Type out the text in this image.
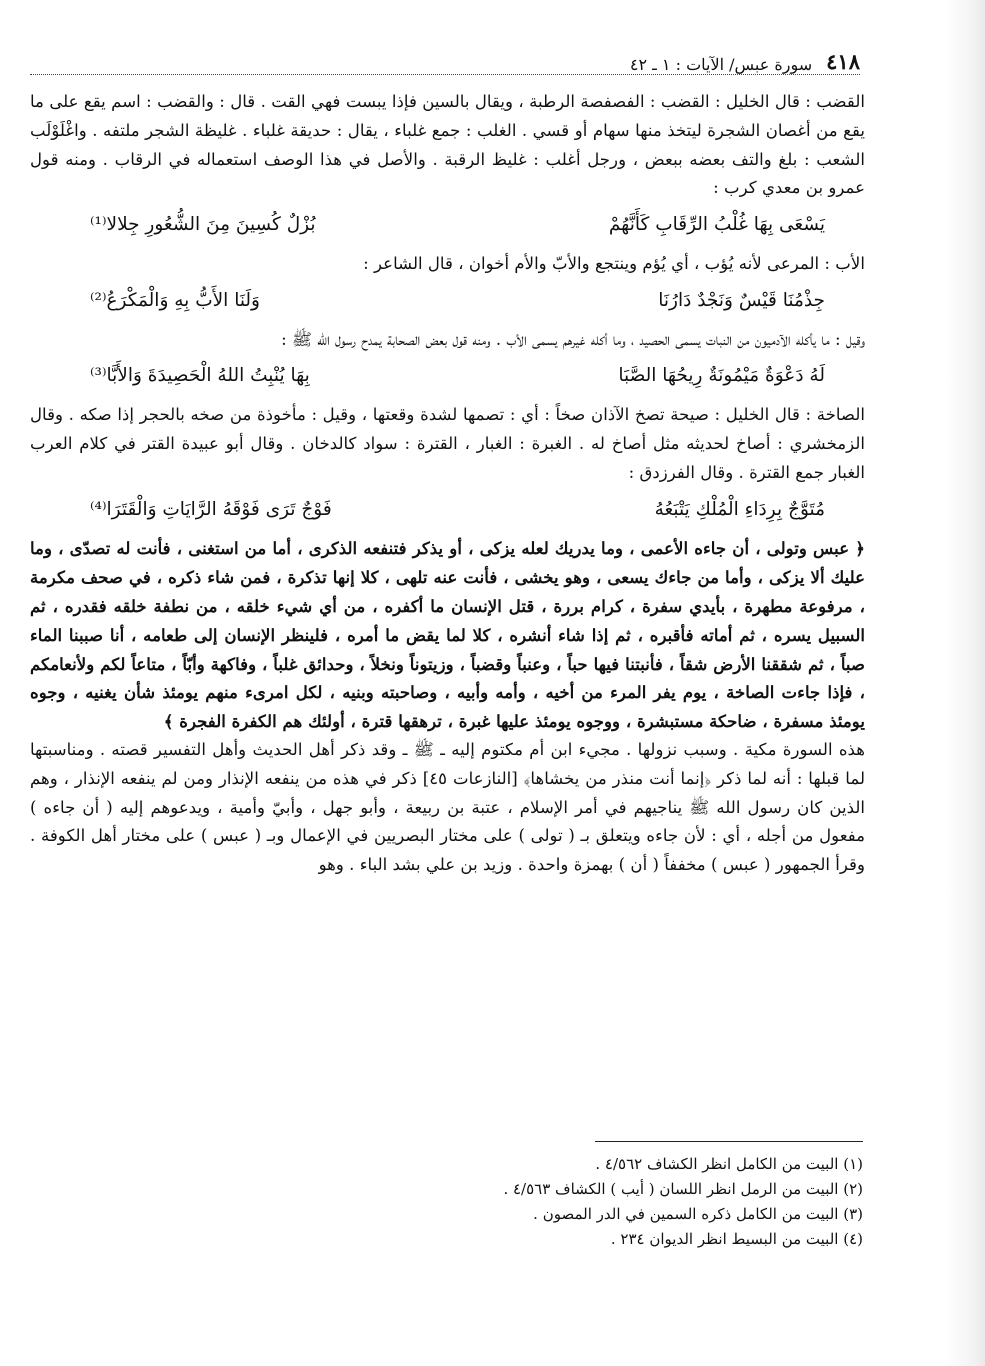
٤١٨
سورة عبس/ الآيات : ١ ـ ٤٢

القضب : قال الخليل : القضب : الفصفصة الرطبة ، ويقال بالسين فإذا يبست فهي القت . قال : والقضب : اسم يقع على ما يقع من أغصان الشجرة ليتخذ منها سهام أو قسي . الغلب : جمع غلباء ، يقال : حديقة غلباء . غليظة الشجر ملتفه . واغْلَوْلَب الشعب : بلغ والتف بعضه ببعض ، ورجل أغلب : غليظ الرقبة . والأصل في هذا الوصف استعماله في الرقاب . ومنه قول عمرو بن معدي كرب :

يَسْعَى بِهَا غُلْبُ الرِّقَابِ كَأَنَّهُمْ
بُزْلٌ كُسِينَ مِنَ الشُّعُورِ جِلالا⁽¹⁾

الأب : المرعى لأنه يُؤب ، أي يُؤم وينتجع والأبّ والأم أخوان ، قال الشاعر :

جِذْمُنَا قَيْسٌ وَنَجْدٌ دَارُنَا
وَلَنَا الأَبُّ بِهِ وَالْمَكْرَعُ⁽²⁾

وقيل : ما يأكله الآدميون من النبات يسمى الحصيد ، وما أكله غيرهم يسمى الأب . ومنه قول بعض الصحابة يمدح رسول الله ﷺ :

لَهُ دَعْوَةٌ مَيْمُونَةٌ رِيحُهَا الصَّبَا
بِهَا يُنْبِتُ اللهُ الْحَصِيدَةَ وَالأَبَّا⁽³⁾

الصاخة : قال الخليل : صيحة تصخ الآذان صخاً : أي : تصمها لشدة وقعتها ، وقيل : مأخوذة من صخه بالحجر إذا صكه . وقال الزمخشري : أصاخ لحديثه مثل أصاخ له . الغبرة : الغبار ، القترة : سواد كالدخان . وقال أبو عبيدة القتر في كلام العرب الغبار جمع القترة . وقال الفرزدق :

مُتَوَّجٌ بِرِدَاءِ الْمُلْكِ يَتْبَعُهُ
فَوْجٌ تَرَى فَوْقَهُ الرَّايَاتِ وَالْقَتَرَا⁽⁴⁾

﴿ عبس وتولى ، أن جاءه الأعمى ، وما يدريك لعله يزكى ، أو يذكر فتنفعه الذكرى ، أما من استغنى ، فأنت له تصدّى ، وما عليك ألا يزكى ، وأما من جاءك يسعى ، وهو يخشى ، فأنت عنه تلهى ، كلا إنها تذكرة ، فمن شاء ذكره ، في صحف مكرمة ، مرفوعة مطهرة ، بأيدي سفرة ، كرام بررة ، قتل الإنسان ما أكفره ، من أي شيء خلقه ، من نطفة خلقه فقدره ، ثم السبيل يسره ، ثم أماته فأقبره ، ثم إذا شاء أنشره ، كلا لما يقض ما أمره ، فلينظر الإنسان إلى طعامه ، أنا صببنا الماء صباً ، ثم شققنا الأرض شقاً ، فأنبتنا فيها حباً ، وعنباً وقضباً ، وزيتوناً ونخلاً ، وحدائق غلباً ، وفاكهة وأبّاً ، متاعاً لكم ولأنعامكم ، فإذا جاءت الصاخة ، يوم يفر المرء من أخيه ، وأمه وأبيه ، وصاحبته وبنيه ، لكل امرىء منهم يومئذ شأن يغنيه ، وجوه يومئذ مسفرة ، ضاحكة مستبشرة ، ووجوه يومئذ عليها غبرة ، ترهقها قترة ، أولئك هم الكفرة الفجرة ﴾

هذه السورة مكية . وسبب نزولها . مجيء ابن أم مكتوم إليه ـ ﷺ ـ وقد ذكر أهل الحديث وأهل التفسير قصته . ومناسبتها لما قبلها : أنه لما ذكر ﴿إنما أنت منذر من يخشاها﴾ [النازعات ٤٥] ذكر في هذه من ينفعه الإنذار ومن لم ينفعه الإنذار ، وهم الذين كان رسول الله ﷺ يناجيهم في أمر الإسلام ، عتبة بن ربيعة ، وأبو جهل ، وأبيّ وأمية ، ويدعوهم إليه ( أن جاءه ) مفعول من أجله ، أي : لأن جاءه ويتعلق بـ ( تولى ) على مختار البصريين في الإعمال وبـ ( عبس ) على مختار أهل الكوفة . وقرأ الجمهور ( عبس ) مخففاً ( أن ) بهمزة واحدة . وزيد بن علي بشد الباء . وهو

(١) البيت من الكامل انظر الكشاف ٤/٥٦٢ .
(٢) البيت من الرمل انظر اللسان ( أيب ) الكشاف ٤/٥٦٣ .
(٣) البيت من الكامل ذكره السمين في الدر المصون .
(٤) البيت من البسيط انظر الديوان ٢٣٤ .
